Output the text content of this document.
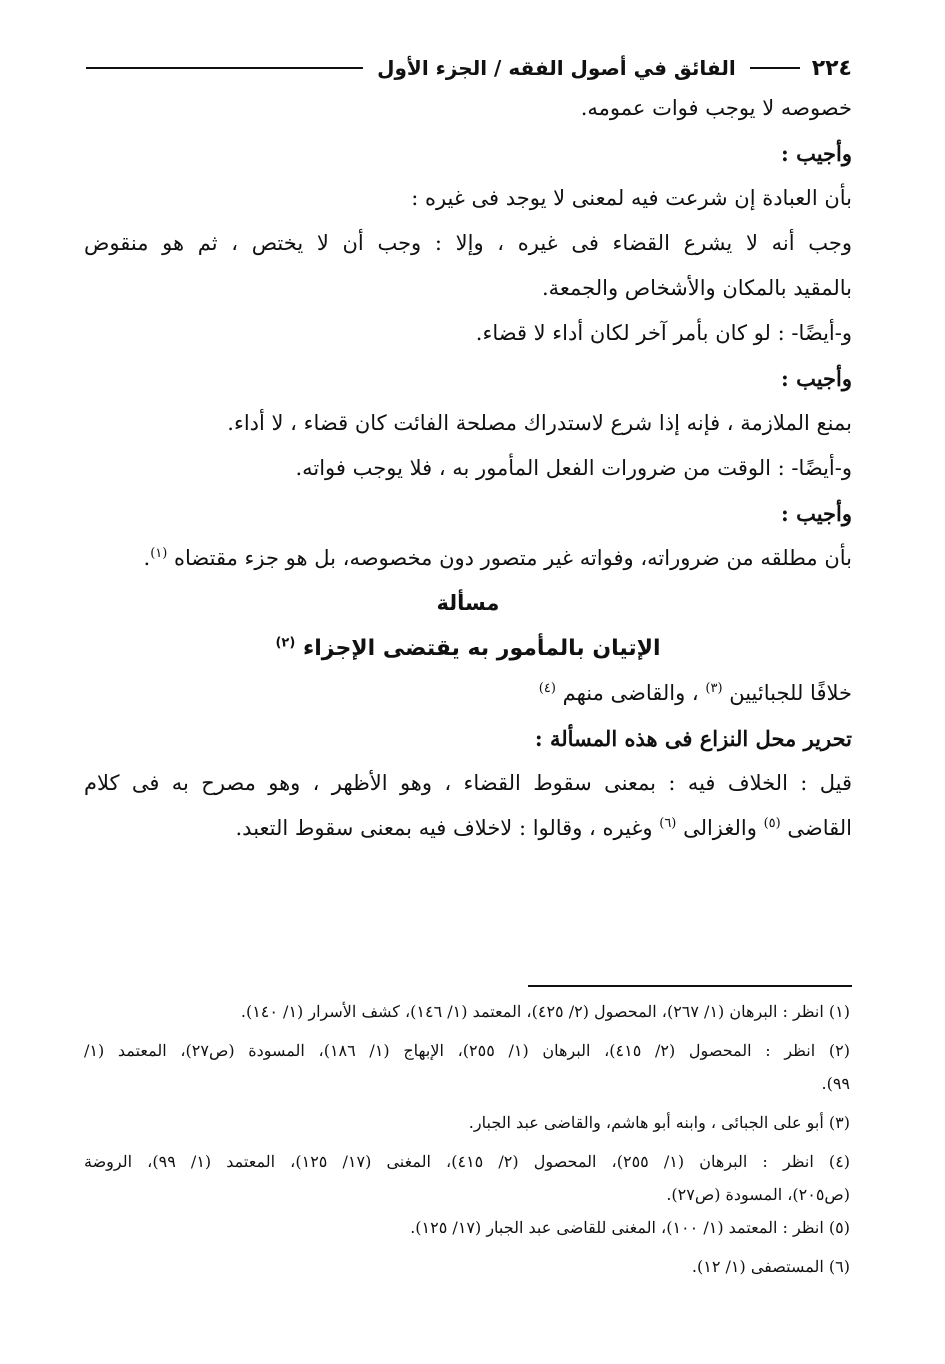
٢٢٤
الفائق في أصول الفقه / الجزء الأول
خصوصه لا يوجب فوات عمومه.
وأجيب :
بأن العبادة إن شرعت فيه لمعنى لا يوجد فى غيره :
وجب أنه لا يشرع القضاء فى غيره ، وإلا : وجب أن لا يختص ، ثم هو منقوض
بالمقيد بالمكان والأشخاص والجمعة.
و-أيضًا- : لو كان بأمر آخر لكان أداء لا قضاء.
وأجيب :
بمنع الملازمة ، فإنه إذا شرع لاستدراك مصلحة الفائت كان قضاء ، لا أداء.
و-أيضًا- : الوقت من ضرورات الفعل المأمور به ، فلا يوجب فواته.
وأجيب :
بأن مطلقه من ضروراته، وفواته غير متصور دون مخصوصه، بل هو جزء مقتضاه $^{(١)}$.
مسألة
الإتيان بالمأمور به يقتضى الإجزاء $^{(٢)}$
خلافًا للجبائيين $^{(٣)}$ ، والقاضى منهم $^{(٤)}$
تحرير محل النزاع فى هذه المسألة :
قيل : الخلاف فيه : بمعنى سقوط القضاء ، وهو الأظهر ، وهو مصرح به فى كلام
القاضى $^{(٥)}$ والغزالى $^{(٦)}$ وغيره ، وقالوا : لاخلاف فيه بمعنى سقوط التعبد.
(١) انظر : البرهان (١/ ٢٦٧)، المحصول (٢/ ٤٢٥)، المعتمد (١/ ١٤٦)، كشف الأسرار (١/ ١٤٠).
(٢) انظر : المحصول (٢/ ٤١٥)، البرهان (١/ ٢٥٥)، الإبهاج (١/ ١٨٦)، المسودة (ص٢٧)، المعتمد (١/
٩٩).
(٣) أبو على الجبائى ، وابنه أبو هاشم، والقاضى عبد الجبار.
(٤) انظر : البرهان (١/ ٢٥٥)، المحصول (٢/ ٤١٥)، المغنى (١٧/ ١٢٥)، المعتمد (١/ ٩٩)، الروضة
(ص٢٠٥)، المسودة (ص٢٧).
(٥) انظر : المعتمد (١/ ١٠٠)، المغنى للقاضى عبد الجبار (١٧/ ١٢٥).
(٦) المستصفى (١/ ١٢).
